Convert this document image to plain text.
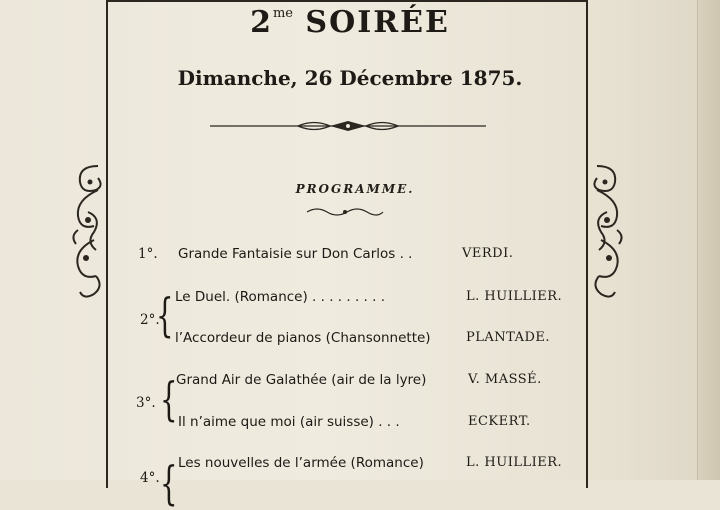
$2^{me}$ SOIRÉE
Dimanche, 26 Décembre 1875.
PROGRAMME.
1°. Grande Fantaisie sur Don Carlos . .	VERDI.
2°.
{ Le Duel. (Romance) . . . . . . . . .	L. HUILLIER.
l’Accordeur de pianos (Chansonnette)	PLANTADE.
3°. {
Grand Air de Galathée (air de la lyre)	V. MASSÉ.
Il n’aime que moi (air suisse) . . .	ECKERT.
4°. { Les nouvelles de l’armée (Romance)	L. HUILLIER.
